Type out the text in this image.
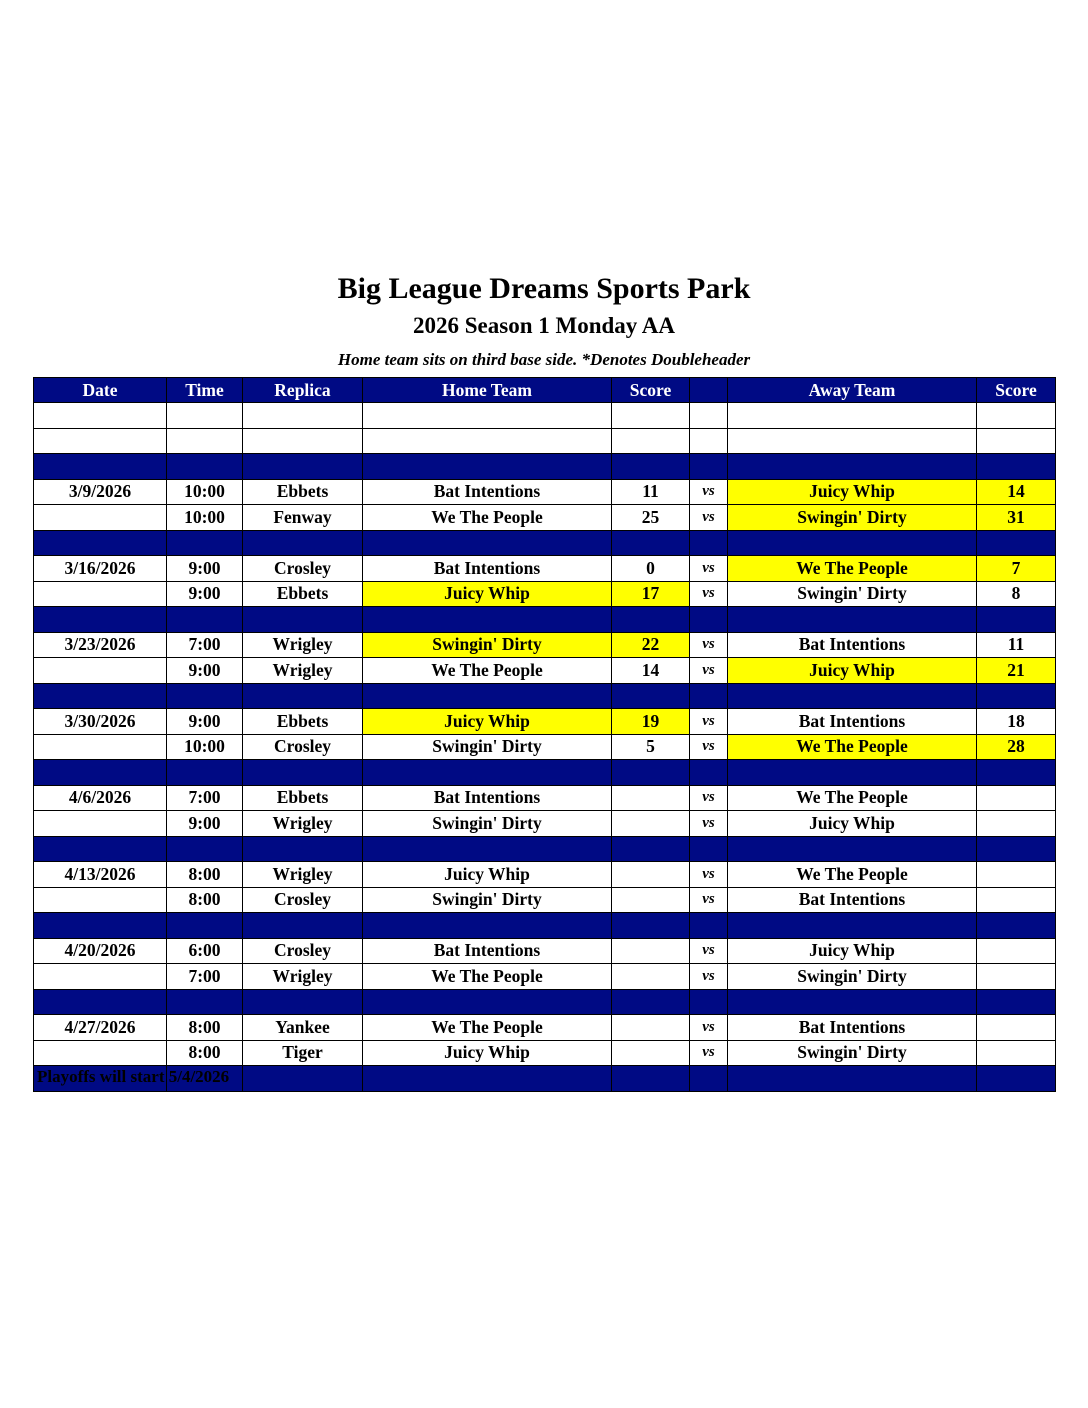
Big League Dreams Sports Park
2026 Season 1 Monday AA
Home team sits on third base side. *Denotes Doubleheader
Date	Time	Replica	Home Team	Score		Away Team	Score

3/9/2026	10:00	Ebbets	Bat Intentions	11	vs	Juicy Whip	14
	10:00	Fenway	We The People	25	vs	Swingin' Dirty	31

3/16/2026	9:00	Crosley	Bat Intentions	0	vs	We The People	7
	9:00	Ebbets	Juicy Whip	17	vs	Swingin' Dirty	8

3/23/2026	7:00	Wrigley	Swingin' Dirty	22	vs	Bat Intentions	11
	9:00	Wrigley	We The People	14	vs	Juicy Whip	21

3/30/2026	9:00	Ebbets	Juicy Whip	19	vs	Bat Intentions	18
	10:00	Crosley	Swingin' Dirty	5	vs	We The People	28

4/6/2026	7:00	Ebbets	Bat Intentions		vs	We The People	
	9:00	Wrigley	Swingin' Dirty		vs	Juicy Whip	

4/13/2026	8:00	Wrigley	Juicy Whip		vs	We The People	
	8:00	Crosley	Swingin' Dirty		vs	Bat Intentions	

4/20/2026	6:00	Crosley	Bat Intentions		vs	Juicy Whip	
	7:00	Wrigley	We The People		vs	Swingin' Dirty	

4/27/2026	8:00	Yankee	We The People		vs	Bat Intentions	
	8:00	Tiger	Juicy Whip		vs	Swingin' Dirty	

Playoffs will start 5/4/2026
